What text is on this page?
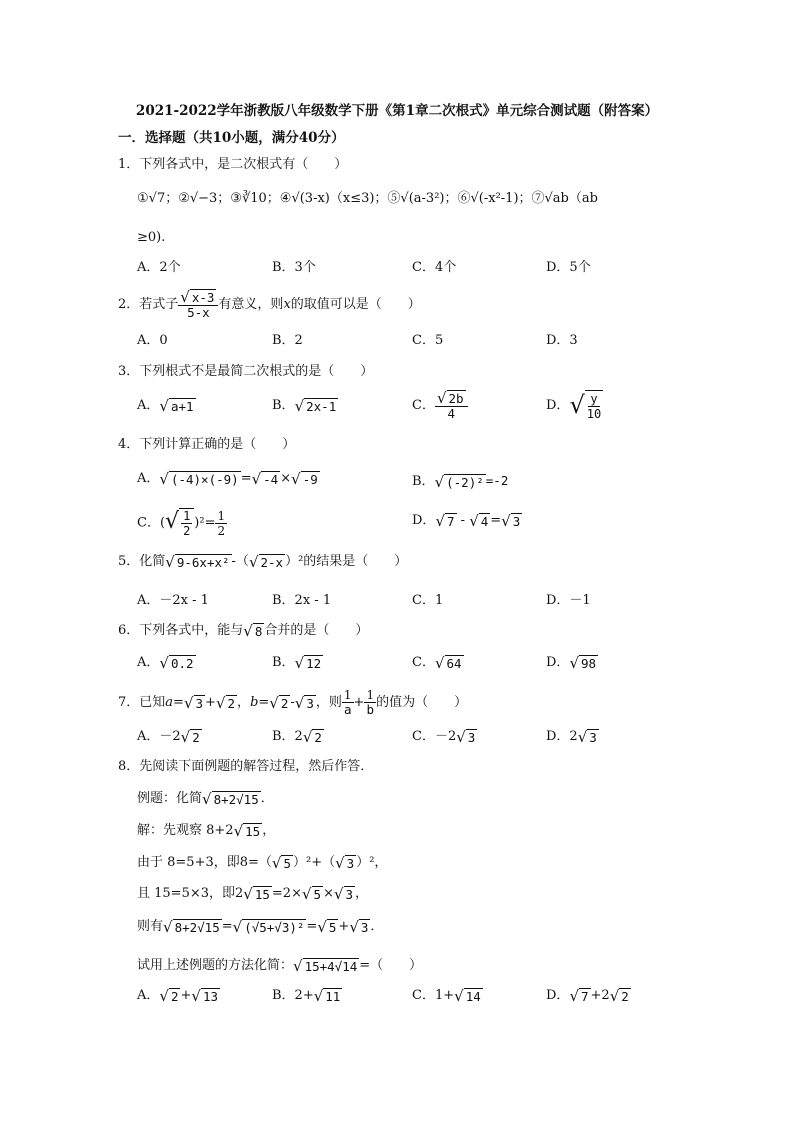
2021-2022学年浙教版八年级数学下册《第1章二次根式》单元综合测试题（附答案）
一．选择题（共10小题，满分40分）
1．下列各式中，是二次根式有（　　）
①√7；②√−3；③∛10；④√(3-x)（x≤3)；⑤√(a-3²)；⑥√(-x²-1)；⑦√ab（ab
≥0).
A．2个	B．3个	C．4个	D．5个
2．若式子 $\frac{√ x-3}{5-x}$ 有意义，则x的取值可以是（　　）
A．0	B．2	C．5	D．3
3．下列根式不是最简二次根式的是（　　）
A． √ a+1	B． √ 2x-1	C． $\frac{√ 2b}{4}$	D． √ $\frac{y}{10}$
4．下列计算正确的是（　　）
A． √ (-4)×(-9) = √ -4 × √ -9	B． √ (-2)² =-2
C．( √ $\frac{1}{2} )^2= \frac{1}{2}$	D． √ 7 - √ 4 = √ 3
5．化简 √ 9-6x+x² -（ √ 2-x ）²的结果是（　　）
A．－2x - 1	B．2x - 1	C．1	D．－1
6．下列各式中，能与 √ 8 合并的是（　　）
A． √ 0.2	B． √ 12	C． √ 64	D． √ 98
7．已知a= √ 3 + √ 2 ，b= √ 2 - √ 3 ，则 $\frac{1}{a} + \frac{1}{b}$ 的值为（　　）
A．－2 √ 2	B．2 √ 2	C．－2 √ 3	D．2 √ 3
8．先阅读下面例题的解答过程，然后作答．
例题：化简 √ 8+2√15 ．
解：先观察 8+2 √ 15 ，
由于 8=5+3，即8=（ √ 5 ）²+（ √ 3 ）²，
且 15=5×3，即2 √ 15 =2× √ 5 × √ 3 ，
则有 √ 8+2√15 = √ (√5+√3)² = √ 5 + √ 3 ．
试用上述例题的方法化简： √ 15+4√14 =（　　）
A． √ 2 + √ 13	B．2+ √ 11	C．1+ √ 14	D． √ 7 +2 √ 2
